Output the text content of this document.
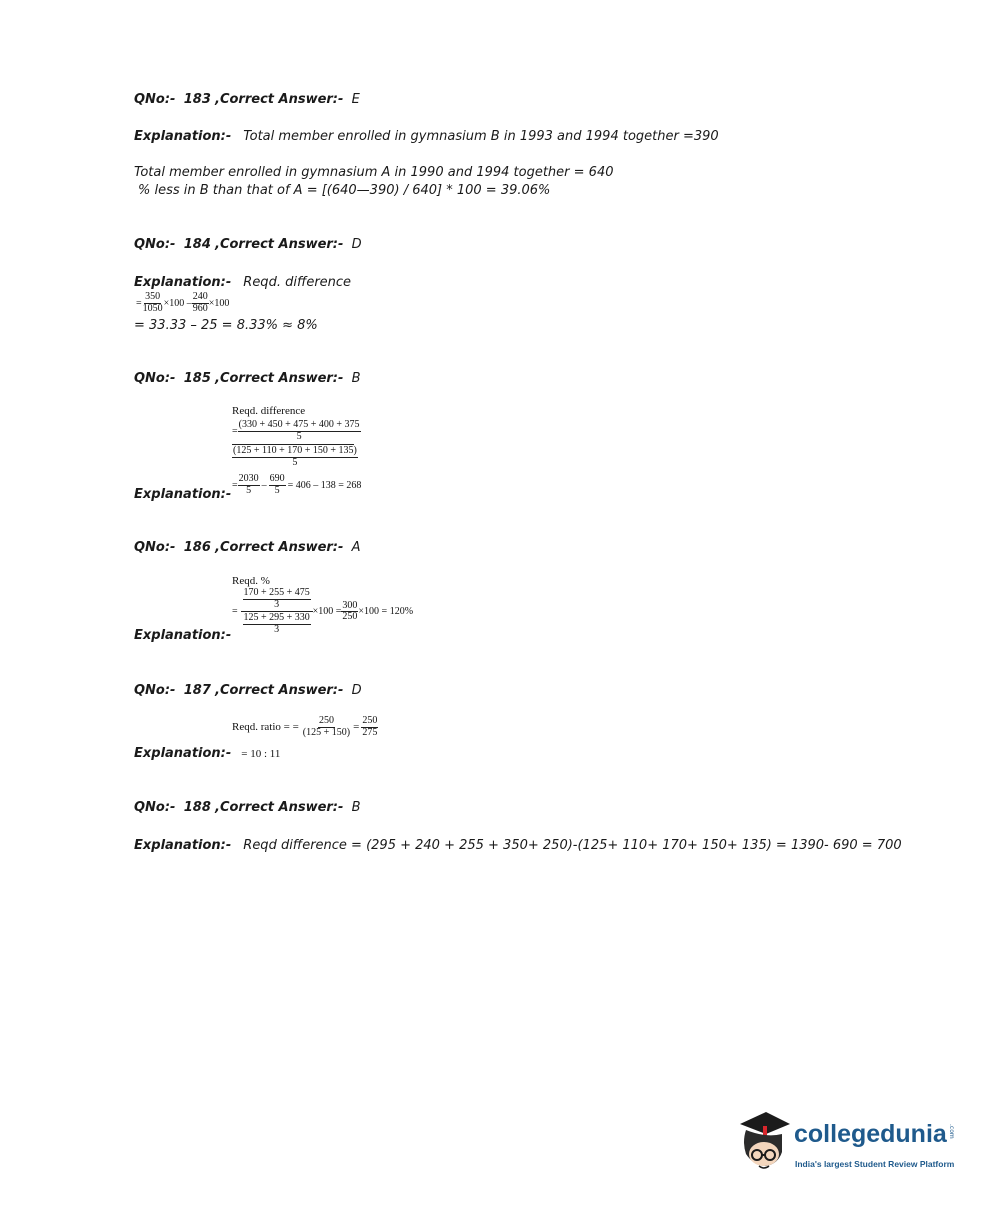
QNo:- 183 ,Correct Answer:- E
Explanation:- Total member enrolled in gymnasium B in 1993 and 1994 together =390
Total member enrolled in gymnasium A in 1990 and 1994 together = 640
% less in B than that of A = [(640—390) / 640] * 100 = 39.06%
QNo:- 184 ,Correct Answer:- D
Explanation:- Reqd. difference
= $\frac{350}{1050} \times 100 - \frac{240}{960} \times 100$
= 33.33 – 25 = 8.33% ≈ 8%
QNo:- 185 ,Correct Answer:- B
Reqd. difference
= $\frac{(330 + 450 + 475 + 400 + 375}{5}$
$\frac{(125 + 110 + 170 + 150 + 135)}{5}$
= $\frac{2030}{5} - \frac{690}{5} = 406 - 138 = 268$
Explanation:-
QNo:- 186 ,Correct Answer:- A
Reqd. %
=
$\frac{170 + 255 + 475}{3}$
$\frac{125 + 295 + 330}{3}$
$\times 100 = \frac{300}{250} \times 100 = 120\%$
Explanation:-
QNo:- 187 ,Correct Answer:- D
Reqd. ratio = = $\frac{250}{(125 + 150)} = \frac{250}{275}$
Explanation:- = 10 : 11
QNo:- 188 ,Correct Answer:- B
Explanation:- Reqd difference = (295 + 240 + 255 + 350+ 250)-(125+ 110+ 170+ 150+ 135) = 1390- 690 = 700
collegedunia .com
India's largest Student Review Platform
